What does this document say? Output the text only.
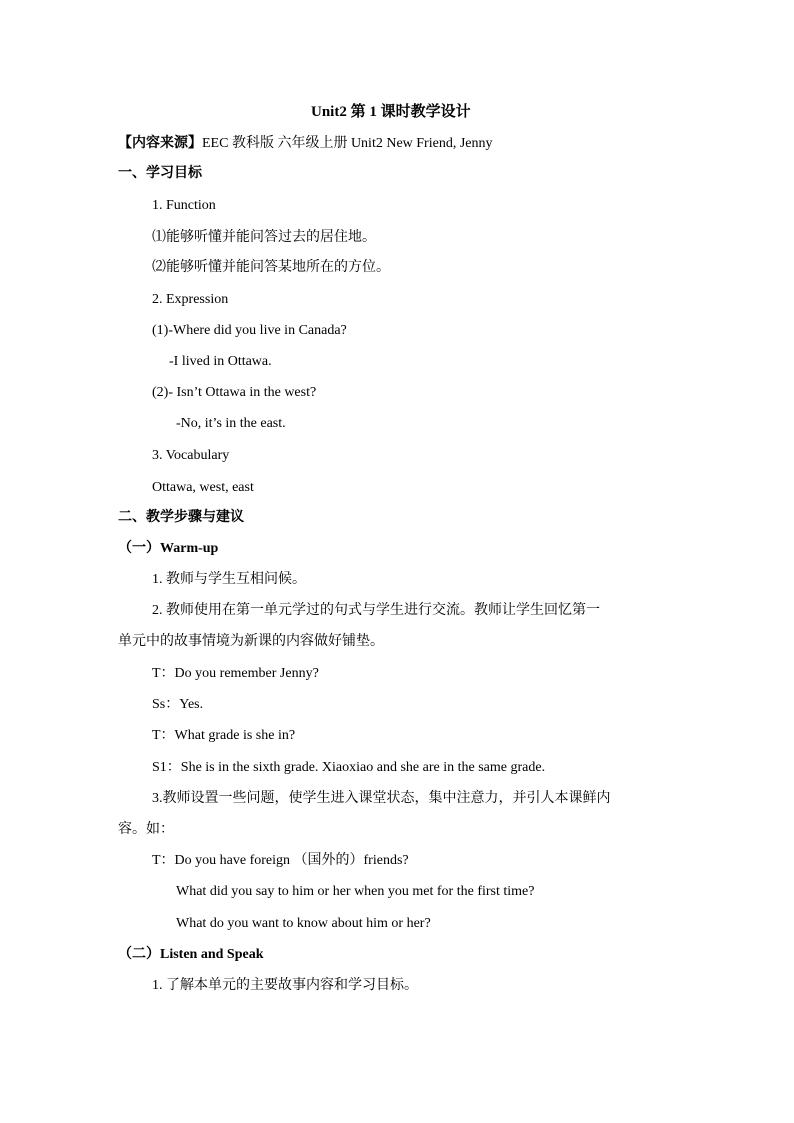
Unit2 第 1 课时教学设计
【内容来源】EEC 教科版 六年级上册 Unit2 New Friend, Jenny
一、学习目标
1. Function
⑴能够听懂并能问答过去的居住地。
⑵能够听懂并能问答某地所在的方位。
2. Expression
(1)-Where did you live in Canada?
-I lived in Ottawa.
(2)- Isn’t Ottawa in the west?
-No, it’s in the east.
3. Vocabulary
Ottawa, west, east
二、教学步骤与建议
（一）Warm-up
1. 教师与学生互相问候。
2. 教师使用在第一单元学过的句式与学生进行交流。教师让学生回忆第一
单元中的故事情境为新课的内容做好铺垫。
T：Do you remember Jenny?
Ss：Yes.
T：What grade is she in?
S1：She is in the sixth grade. Xiaoxiao and she are in the same grade.
3.教师设置一些问题，使学生进入课堂状态，集中注意力，并引人本课鲜内
容。如：
T：Do you have foreign （国外的）friends?
What did you say to him or her when you met for the first time?
What do you want to know about him or her?
（二）Listen and Speak
1. 了解本单元的主要故事内容和学习目标。
